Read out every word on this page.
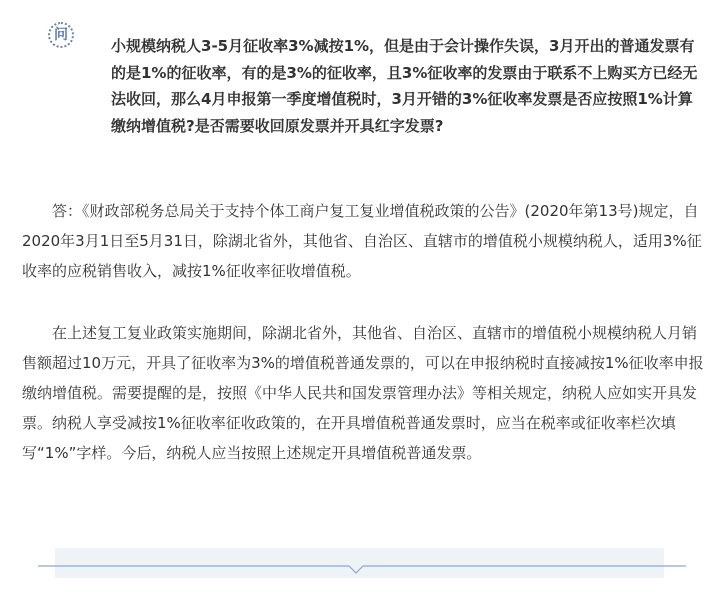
问
小规模纳税人3-5月征收率3%减按1%，但是由于会计操作失误，3月开出的普通发票有的是1%的征收率，有的是3%的征收率，且3%征收率的发票由于联系不上购买方已经无法收回，那么4月申报第一季度增值税时，3月开错的3%征收率发票是否应按照1%计算缴纳增值税?是否需要收回原发票并开具红字发票?

答：《财政部税务总局关于支持个体工商户复工复业增值税政策的公告》(2020年第13号)规定，自2020年3月1日至5月31日，除湖北省外，其他省、自治区、直辖市的增值税小规模纳税人，适用3%征收率的应税销售收入，减按1%征收率征收增值税。

在上述复工复业政策实施期间，除湖北省外，其他省、自治区、直辖市的增值税小规模纳税人月销售额超过10万元，开具了征收率为3%的增值税普通发票的，可以在申报纳税时直接减按1%征收率申报缴纳增值税。需要提醒的是，按照《中华人民共和国发票管理办法》等相关规定，纳税人应如实开具发票。纳税人享受减按1%征收率征收政策的，在开具增值税普通发票时，应当在税率或征收率栏次填写“1%”字样。今后，纳税人应当按照上述规定开具增值税普通发票。
